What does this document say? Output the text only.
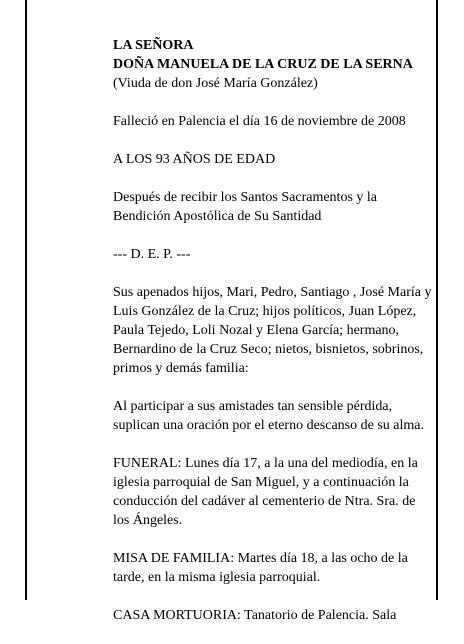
LA SEÑORA
DOÑA MANUELA DE LA CRUZ DE LA SERNA
(Viuda de don José María González)

Falleció en Palencia el día 16 de noviembre de 2008

A LOS 93 AÑOS DE EDAD

Después de recibir los Santos Sacramentos y la Bendición Apostólica de Su Santidad

--- D. E. P. ---

Sus apenados hijos, Mari, Pedro, Santiago , José María y Luis González de la Cruz; hijos políticos, Juan López, Paula Tejedo, Loli Nozal y Elena García; hermano, Bernardino de la Cruz Seco; nietos, bisnietos, sobrinos, primos y demás familia:

Al participar a sus amistades tan sensible pérdida, suplican una oración por el eterno descanso de su alma.

FUNERAL: Lunes día 17, a la una del mediodía, en la iglesia parroquial de San Miguel, y a continuación la conducción del cadáver al cementerio de Ntra. Sra. de los Ángeles.

MISA DE FAMILIA: Martes día 18, a las ocho de la tarde, en la misma iglesia parroquial.

CASA MORTUORIA: Tanatorio de Palencia. Sala
